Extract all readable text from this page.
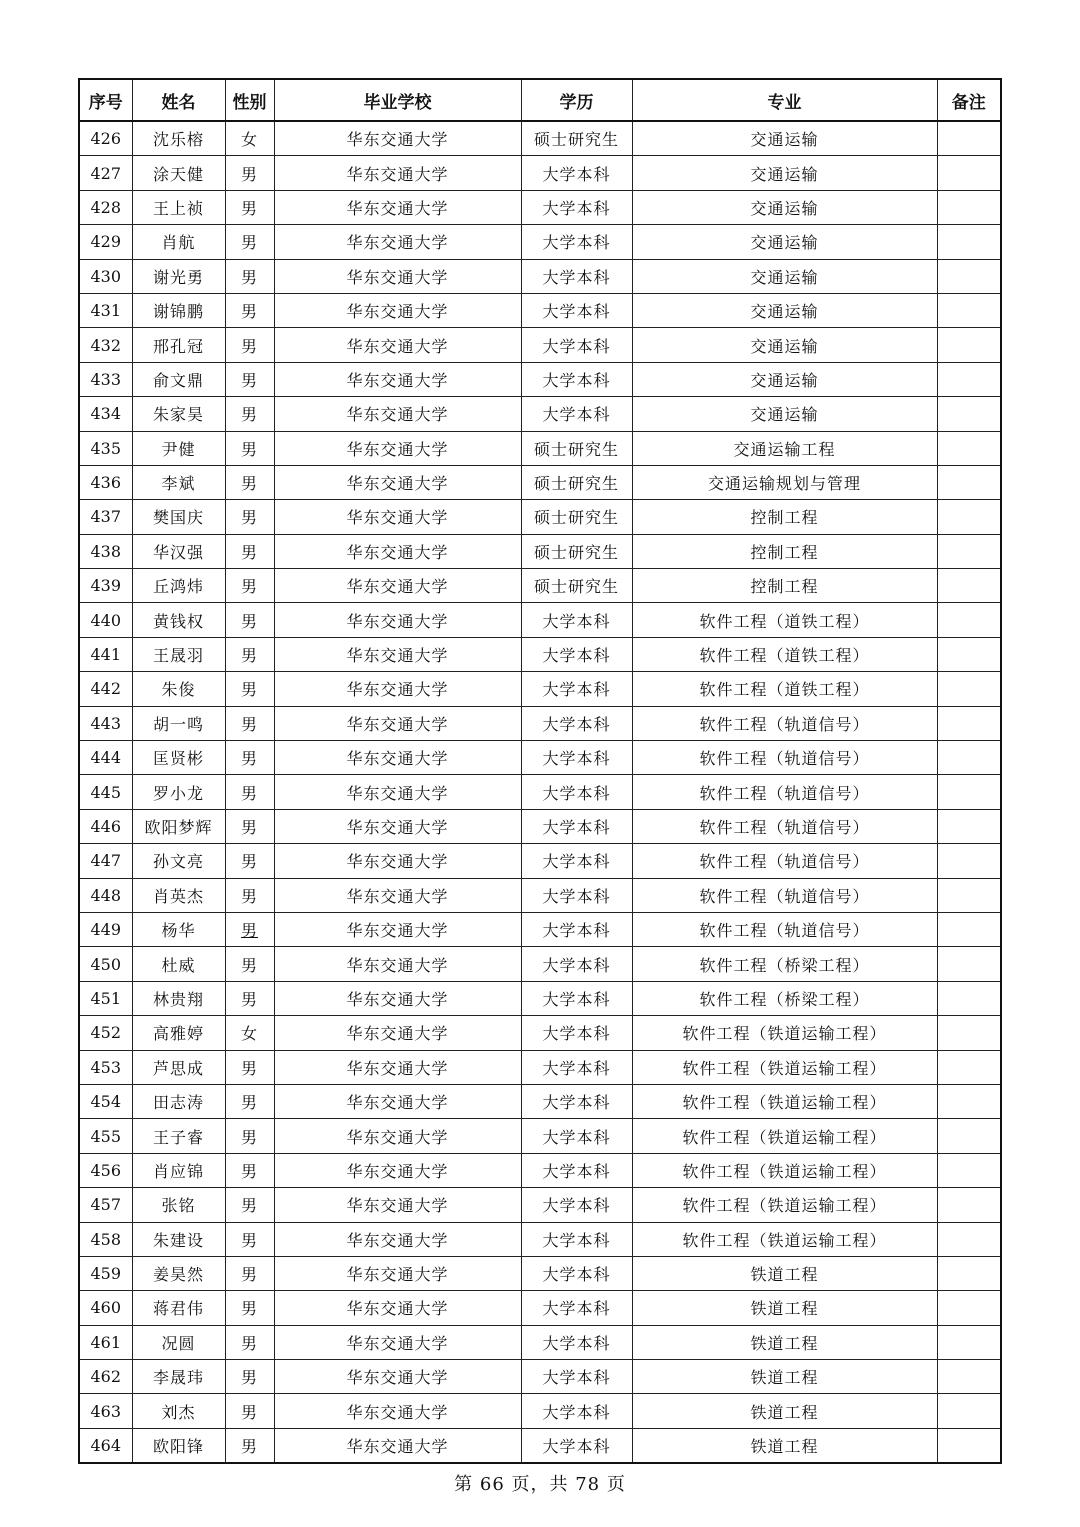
序号	姓名	性别	毕业学校	学历	专业	备注
426	沈乐榕	女	华东交通大学	硕士研究生	交通运输	
427	涂天健	男	华东交通大学	大学本科	交通运输	
428	王上祯	男	华东交通大学	大学本科	交通运输	
429	肖航	男	华东交通大学	大学本科	交通运输	
430	谢光勇	男	华东交通大学	大学本科	交通运输	
431	谢锦鹏	男	华东交通大学	大学本科	交通运输	
432	邢孔冠	男	华东交通大学	大学本科	交通运输	
433	俞文鼎	男	华东交通大学	大学本科	交通运输	
434	朱家昊	男	华东交通大学	大学本科	交通运输	
435	尹健	男	华东交通大学	硕士研究生	交通运输工程	
436	李斌	男	华东交通大学	硕士研究生	交通运输规划与管理	
437	樊国庆	男	华东交通大学	硕士研究生	控制工程	
438	华汉强	男	华东交通大学	硕士研究生	控制工程	
439	丘鸿炜	男	华东交通大学	硕士研究生	控制工程	
440	黄钱权	男	华东交通大学	大学本科	软件工程（道铁工程）	
441	王晟羽	男	华东交通大学	大学本科	软件工程（道铁工程）	
442	朱俊	男	华东交通大学	大学本科	软件工程（道铁工程）	
443	胡一鸣	男	华东交通大学	大学本科	软件工程（轨道信号）	
444	匡贤彬	男	华东交通大学	大学本科	软件工程（轨道信号）	
445	罗小龙	男	华东交通大学	大学本科	软件工程（轨道信号）	
446	欧阳梦辉	男	华东交通大学	大学本科	软件工程（轨道信号）	
447	孙文亮	男	华东交通大学	大学本科	软件工程（轨道信号）	
448	肖英杰	男	华东交通大学	大学本科	软件工程（轨道信号）	
449	杨华	男	华东交通大学	大学本科	软件工程（轨道信号）	
450	杜威	男	华东交通大学	大学本科	软件工程（桥梁工程）	
451	林贵翔	男	华东交通大学	大学本科	软件工程（桥梁工程）	
452	高雅婷	女	华东交通大学	大学本科	软件工程（铁道运输工程）	
453	芦思成	男	华东交通大学	大学本科	软件工程（铁道运输工程）	
454	田志涛	男	华东交通大学	大学本科	软件工程（铁道运输工程）	
455	王子睿	男	华东交通大学	大学本科	软件工程（铁道运输工程）	
456	肖应锦	男	华东交通大学	大学本科	软件工程（铁道运输工程）	
457	张铭	男	华东交通大学	大学本科	软件工程（铁道运输工程）	
458	朱建设	男	华东交通大学	大学本科	软件工程（铁道运输工程）	
459	姜昊然	男	华东交通大学	大学本科	铁道工程	
460	蒋君伟	男	华东交通大学	大学本科	铁道工程	
461	况圆	男	华东交通大学	大学本科	铁道工程	
462	李晟玮	男	华东交通大学	大学本科	铁道工程	
463	刘杰	男	华东交通大学	大学本科	铁道工程	
464	欧阳锋	男	华东交通大学	大学本科	铁道工程	
第 66 页，共 78 页
